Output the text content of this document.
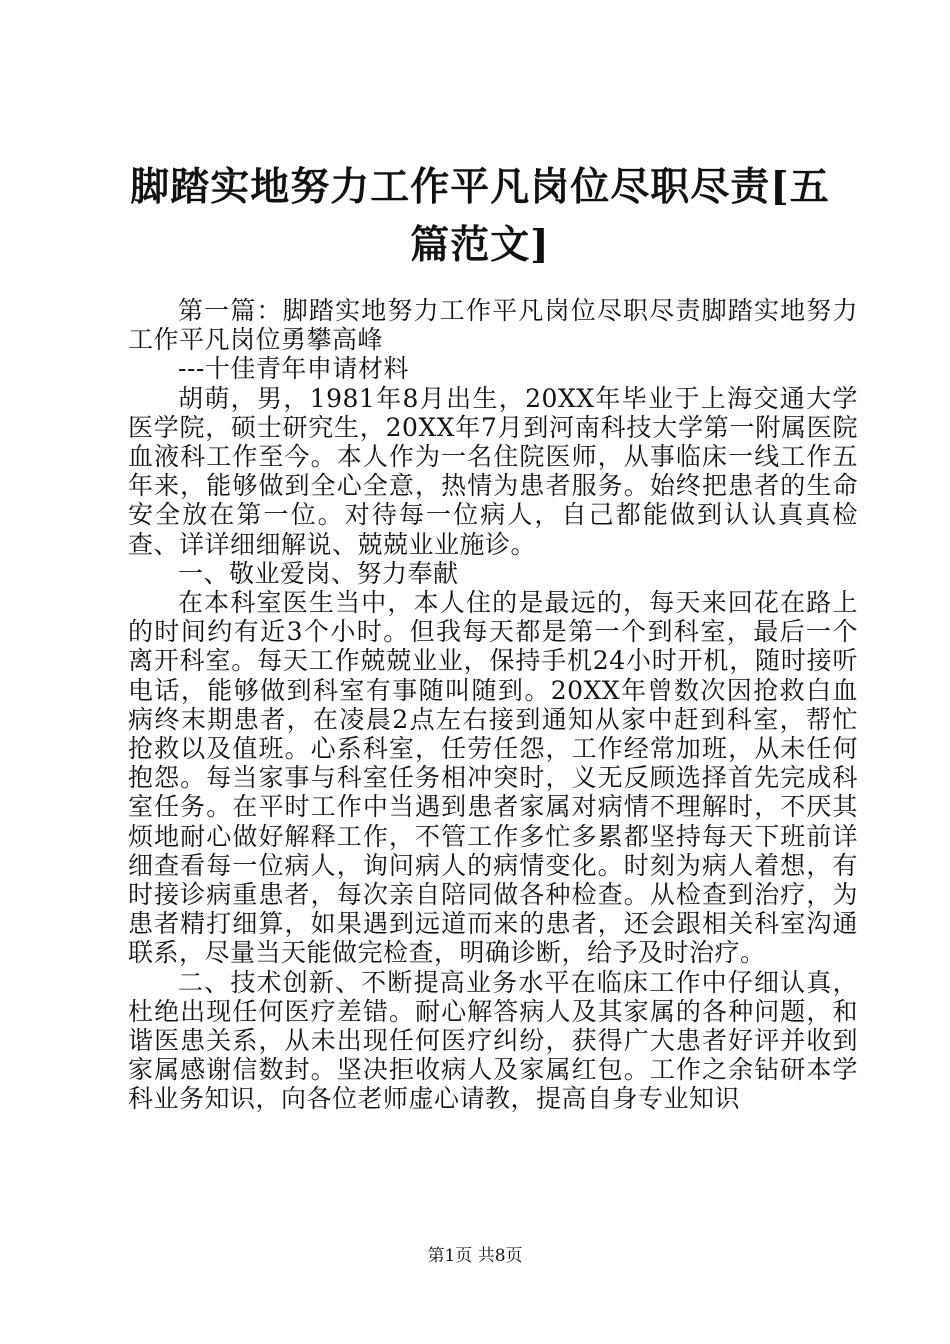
脚踏实地努力工作平凡岗位尽职尽责[五篇范文]

第一篇：脚踏实地努力工作平凡岗位尽职尽责脚踏实地努力工作平凡岗位勇攀高峰

---十佳青年申请材料

胡萌，男，1981年8月出生，20XX年毕业于上海交通大学医学院，硕士研究生，20XX年7月到河南科技大学第一附属医院血液科工作至今。本人作为一名住院医师，从事临床一线工作五年来，能够做到全心全意，热情为患者服务。始终把患者的生命安全放在第一位。对待每一位病人，自己都能做到认认真真检查、详详细细解说、兢兢业业施诊。

一、敬业爱岗、努力奉献

在本科室医生当中，本人住的是最远的，每天来回花在路上的时间约有近3个小时。但我每天都是第一个到科室，最后一个离开科室。每天工作兢兢业业，保持手机24小时开机，随时接听电话，能够做到科室有事随叫随到。20XX年曾数次因抢救白血病终末期患者，在凌晨2点左右接到通知从家中赶到科室，帮忙抢救以及值班。心系科室，任劳任怨，工作经常加班，从未任何抱怨。每当家事与科室任务相冲突时，义无反顾选择首先完成科室任务。在平时工作中当遇到患者家属对病情不理解时，不厌其烦地耐心做好解释工作，不管工作多忙多累都坚持每天下班前详细查看每一位病人，询问病人的病情变化。时刻为病人着想，有时接诊病重患者，每次亲自陪同做各种检查。从检查到治疗，为患者精打细算，如果遇到远道而来的患者，还会跟相关科室沟通联系，尽量当天能做完检查，明确诊断，给予及时治疗。

二、技术创新、不断提高业务水平在临床工作中仔细认真，杜绝出现任何医疗差错。耐心解答病人及其家属的各种问题，和谐医患关系，从未出现任何医疗纠纷，获得广大患者好评并收到家属感谢信数封。坚决拒收病人及家属红包。工作之余钻研本学科业务知识，向各位老师虚心请教，提高自身专业知识

第1页 共8页
